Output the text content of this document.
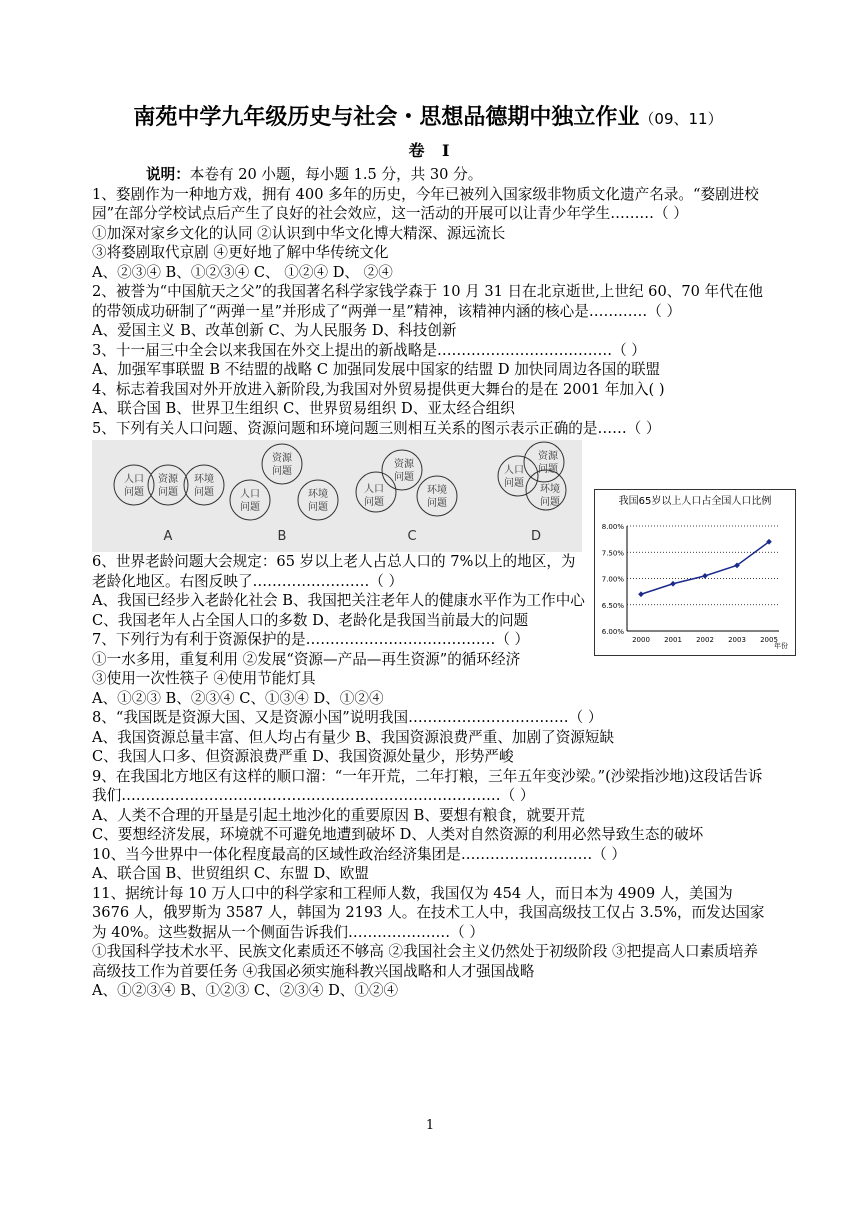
南苑中学九年级历史与社会・思想品德期中独立作业（09、11）
卷 Ⅰ
说明：本卷有 20 小题，每小题 1.5 分，共 30 分。
1、婺剧作为一种地方戏，拥有 400 多年的历史，今年已被列入国家级非物质文化遗产名录。“婺剧进校园”在部分学校试点后产生了良好的社会效应，这一活动的开展可以让青少年学生………（ ）
①加深对家乡文化的认同 ②认识到中华文化博大精深、源远流长
③将婺剧取代京剧 ④更好地了解中华传统文化
A、②③④ B、①②③④ C、 ①②④ D、 ②④
2、被誉为“中国航天之父”的我国著名科学家钱学森于 10 月 31 日在北京逝世,上世纪 60、70 年代在他的带领成功研制了“两弹一星”并形成了“两弹一星”精神，该精神内涵的核心是…………（ ）
A、爱国主义 B、改革创新 C、为人民服务 D、科技创新
3、十一届三中全会以来我国在外交上提出的新战略是………………………………（ ）
A、加强军事联盟 B 不结盟的战略 C 加强同发展中国家的结盟 D 加快同周边各国的联盟
4、标志着我国对外开放进入新阶段,为我国对外贸易提供更大舞台的是在 2001 年加入( )
A、联合国 B、世界卫生组织 C、世界贸易组织 D、亚太经合组织
5、下列有关人口问题、资源问题和环境问题三则相互关系的图示表示正确的是……（ ）
人口
问题
资源
问题
环境
问题
A
资源
问题
人口
问题
环境
问题
B
资源
问题
人口
问题
环境
问题
C
人口
问题
资源
问题
环境
问题
D
6、世界老龄问题大会规定：65 岁以上老人占总人口的 7%以上的地区，为老龄化地区。右图反映了……………………（ ）
A、我国已经步入老龄化社会 B、我国把关注老年人的健康水平作为工作中心
C、我国老年人占全国人口的多数 D、老龄化是我国当前最大的问题
7、下列行为有利于资源保护的是…………………………………（ ）
①一水多用，重复利用 ②发展“资源—产品—再生资源”的循环经济
③使用一次性筷子 ④使用节能灯具
A、①②③ B、②③④ C、①③④ D、①②④
8、“我国既是资源大国、又是资源小国”说明我国……………………………（ ）
A、我国资源总量丰富、但人均占有量少 B、我国资源浪费严重、加剧了资源短缺
C、我国人口多、但资源浪费严重 D、我国资源处量少，形势严峻
9、在我国北方地区有这样的顺口溜：“一年开荒，二年打粮，三年五年变沙梁。”(沙梁指沙地)这段话告诉我们……………………………………………………………………（ ）
A、人类不合理的开垦是引起土地沙化的重要原因 B、要想有粮食，就要开荒
C、要想经济发展，环境就不可避免地遭到破坏 D、人类对自然资源的利用必然导致生态的破坏
10、当今世界中一体化程度最高的区域性政治经济集团是………………………（ ）
A、联合国 B、世贸组织 C、东盟 D、欧盟
11、据统计每 10 万人口中的科学家和工程师人数，我国仅为 454 人，而日本为 4909 人，美国为 3676 人，俄罗斯为 3587 人，韩国为 2193 人。在技术工人中，我国高级技工仅占 3.5%，而发达国家为 40%。这些数据从一个侧面告诉我们…………………（ ）
①我国科学技术水平、民族文化素质还不够高 ②我国社会主义仍然处于初级阶段 ③把提高人口素质培养高级技工作为首要任务 ④我国必须实施科教兴国战略和人才强国战略
A、①②③④ B、①②③ C、②③④ D、①②④
我国65岁以上人口占全国人口比例
6.00%
6.50%
7.00%
7.50%
8.00%
2000 2001 2002 2003 2005
年份
1
